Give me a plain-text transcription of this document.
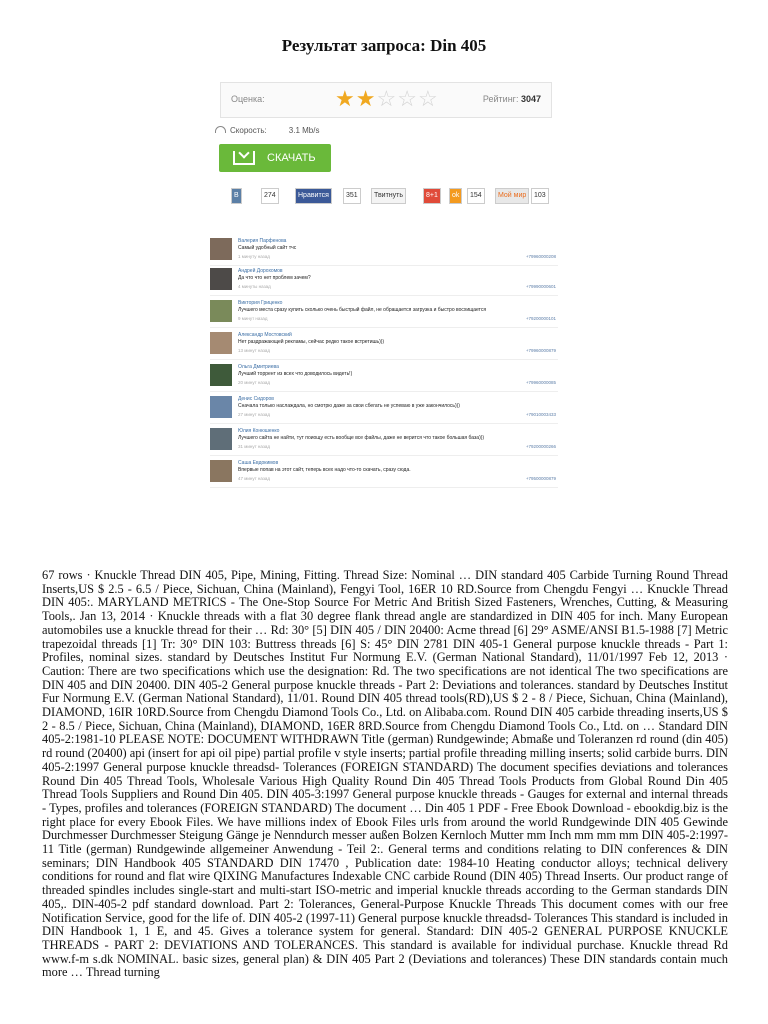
Результат запроса: Din 405
Оценка:	★★☆☆☆	Рейтинг: 3047
Скорость:	3.1 Mb/s
СКАЧАТЬ
В	274	Нравится	351	Твитнуть	8+1	ok	154	Мой мир	103
Валерия Парфенова
Самый удобный сайт тчс
1 минуту назад	+79960000208
Андрей Дорохомов
Да что что нет проблем зачем?
4 минуты назад	+79990000601
Виктория Гриценко
Лучшего места сразу купить сколько очень быстрый файл, не обращается загрузка и быстро восхищается
9 минут назад	+79200000101
Александр Мостовский
Нет раздражающей рекламы, сейчас редко такое встретишь)))
13 минут назад	+79960000879
Ольга Дмитриева
Лучший торрент из всех что доводилось видеть!)
20 минут назад	+79960000085
Денис Сидоров
Сначала только наслаждала, но смотрю даже за свои сбегать не успеваю в уже закончилось)))
27 минут назад	+79010003433
Юлия Конюшенко
Лучшего сайта не найти, тут поиощу есть вообще все файлы, даже не верится что такое большая база)))
31 минут назад	+79200000266
Саша Евдокимов
Впервые попав на этот сайт, теперь всех надо что-то скачать, сразу сюда.
47 минут назад	+79500000879
67 rows · Knuckle Thread DIN 405, Pipe, Mining, Fitting. Thread Size: Nominal … DIN standard 405 Carbide Turning Round Thread Inserts,US $ 2.5 - 6.5 / Piece, Sichuan, China (Mainland), Fengyi Tool, 16ER 10 RD.Source from Chengdu Fengyi … Knuckle Thread DIN 405:. MARYLAND METRICS - The One-Stop Source For Metric And British Sized Fasteners, Wrenches, Cutting, & Measuring Tools,. Jan 13, 2014 · Knuckle threads with a flat 30 degree flank thread angle are standardized in DIN 405 for inch. Many European automobiles use a knuckle thread for their … Rd: 30° [5] DIN 405 / DIN 20400: Acme thread [6] 29° ASME/ANSI B1.5-1988 [7] Metric trapezoidal threads [1] Tr: 30° DIN 103: Buttress threads [6] S: 45° DIN 2781 DIN 405-1 General purpose knuckle threads - Part 1: Profiles, nominal sizes. standard by Deutsches Institut Fur Normung E.V. (German National Standard), 11/01/1997 Feb 12, 2013 · Caution: There are two specifications which use the designation: Rd. The two specifications are not identical The two specifications are DIN 405 and DIN 20400. DIN 405-2 General purpose knuckle threads - Part 2: Deviations and tolerances. standard by Deutsches Institut Fur Normung E.V. (German National Standard), 11/01. Round DIN 405 thread tools(RD),US $ 2 - 8 / Piece, Sichuan, China (Mainland), DIAMOND, 16IR 10RD.Source from Chengdu Diamond Tools Co., Ltd. on Alibaba.com. Round DIN 405 carbide threading inserts,US $ 2 - 8.5 / Piece, Sichuan, China (Mainland), DIAMOND, 16ER 8RD.Source from Chengdu Diamond Tools Co., Ltd. on … Standard DIN 405-2:1981-10 PLEASE NOTE: DOCUMENT WITHDRAWN Title (german) Rundgewinde; Abmaße und Toleranzen rd round (din 405) rd round (20400) api (insert for api oil pipe) partial profile v style inserts; partial profile threading milling inserts; solid carbide burrs. DIN 405-2:1997 General purpose knuckle threadsd- Tolerances (FOREIGN STANDARD) The document specifies deviations and tolerances Round Din 405 Thread Tools, Wholesale Various High Quality Round Din 405 Thread Tools Products from Global Round Din 405 Thread Tools Suppliers and Round Din 405. DIN 405-3:1997 General purpose knuckle threads - Gauges for external and internal threads - Types, profiles and tolerances (FOREIGN STANDARD) The document … Din 405 1 PDF - Free Ebook Download - ebookdig.biz is the right place for every Ebook Files. We have millions index of Ebook Files urls from around the world Rundgewinde DIN 405 Gewinde Durchmesser Durchmesser Steigung Gänge je Nenndurch messer außen Bolzen Kernloch Mutter mm Inch mm mm mm DIN 405-2:1997-11 Title (german) Rundgewinde allgemeiner Anwendung - Teil 2:. General terms and conditions relating to DIN conferences & DIN seminars; DIN Handbook 405 STANDARD DIN 17470 , Publication date: 1984-10 Heating conductor alloys; technical delivery conditions for round and flat wire QIXING Manufactures Indexable CNC carbide Round (DIN 405) Thread Inserts. Our product range of threaded spindles includes single-start and multi-start ISO-metric and imperial knuckle threads according to the German standards DIN 405,. DIN-405-2 pdf standard download. Part 2: Tolerances, General-Purpose Knuckle Threads This document comes with our free Notification Service, good for the life of. DIN 405-2 (1997-11) General purpose knuckle threadsd- Tolerances This standard is included in DIN Handbook 1, 1 E, and 45. Gives a tolerance system for general. Standard: DIN 405-2 GENERAL PURPOSE KNUCKLE THREADS - PART 2: DEVIATIONS AND TOLERANCES. This standard is available for individual purchase. Knuckle thread Rd www.f-m s.dk NOMINAL. basic sizes, general plan) & DIN 405 Part 2 (Deviations and tolerances) These DIN standards contain much more … Thread turning
